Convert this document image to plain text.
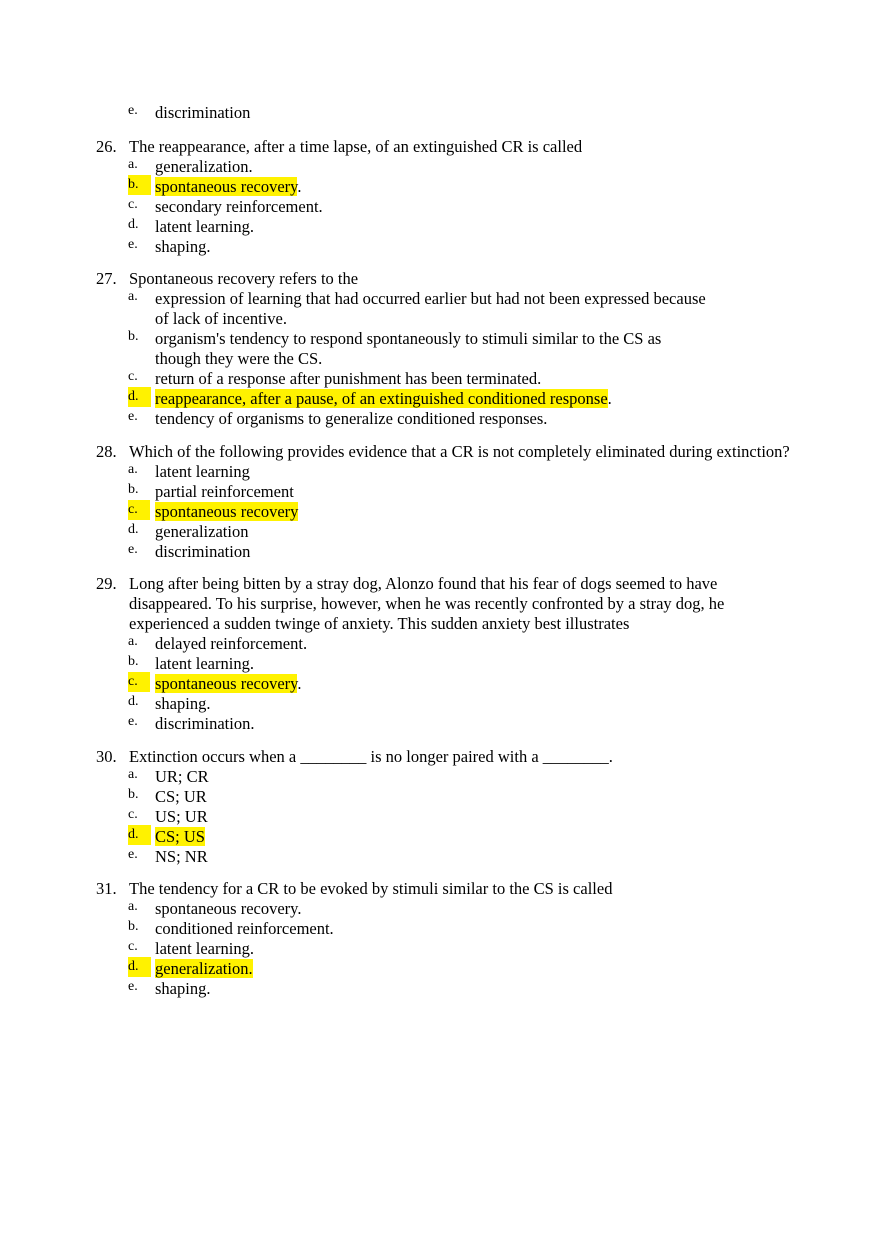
e. discrimination
26. The reappearance, after a time lapse, of an extinguished CR is called
a. generalization.
b.	spontaneous recovery.
c. secondary reinforcement.
d. latent learning.
e. shaping.
27. Spontaneous recovery refers to the
a. expression of learning that had occurred earlier but had not been expressed because
of lack of incentive.
b. organism's tendency to respond spontaneously to stimuli similar to the CS as
though they were the CS.
c. return of a response after punishment has been terminated.
d.	reappearance, after a pause, of an extinguished conditioned response.
e. tendency of organisms to generalize conditioned responses.
28. Which of the following provides evidence that a CR is not completely eliminated during extinction?
a. latent learning
b. partial reinforcement
c.	spontaneous recovery
d. generalization
e. discrimination
29. Long after being bitten by a stray dog, Alonzo found that his fear of dogs seemed to have
disappeared. To his surprise, however, when he was recently confronted by a stray dog, he
experienced a sudden twinge of anxiety. This sudden anxiety best illustrates
a. delayed reinforcement.
b. latent learning.
c.	spontaneous recovery.
d. shaping.
e. discrimination.
30. Extinction occurs when a ________ is no longer paired with a ________.
a. UR; CR
b. CS; UR
c. US; UR
d.	CS; US
e. NS; NR
31. The tendency for a CR to be evoked by stimuli similar to the CS is called
a. spontaneous recovery.
b. conditioned reinforcement.
c. latent learning.
d.	generalization.
e. shaping.
